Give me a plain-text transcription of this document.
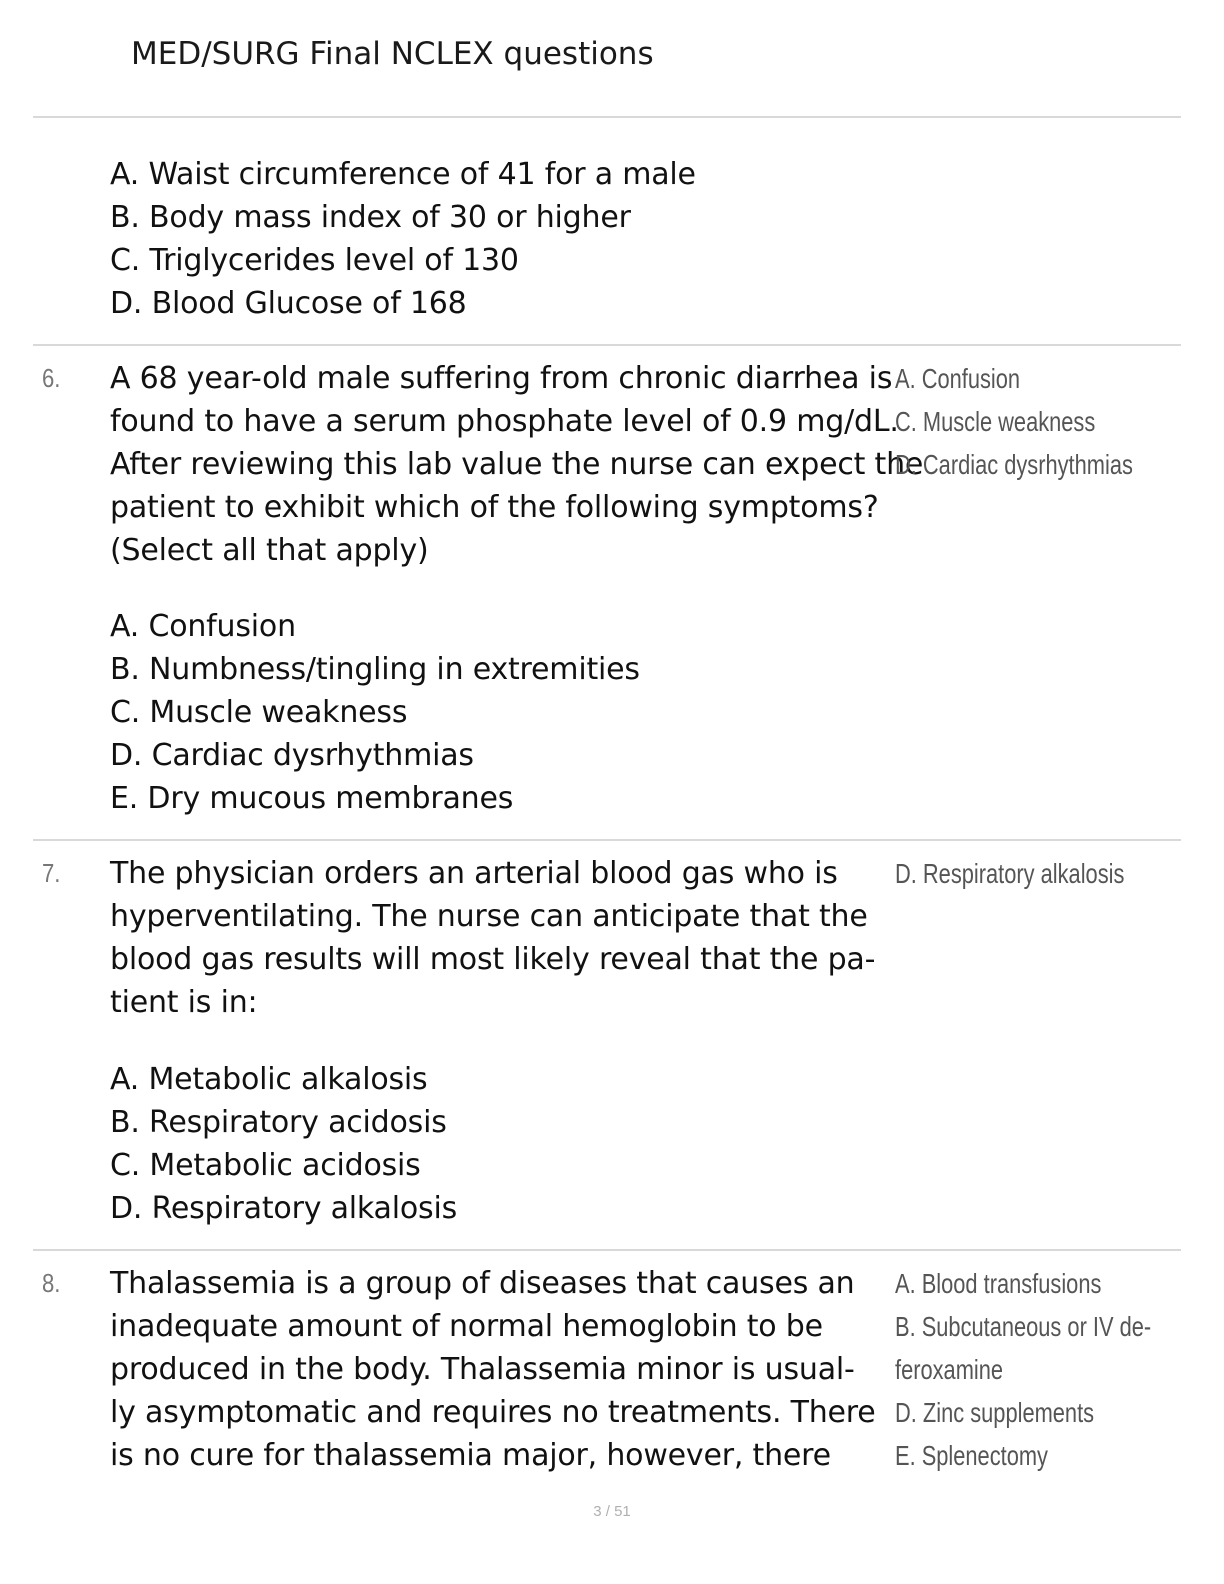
MED/SURG Final NCLEX questions
A. Waist circumference of 41 for a male
B. Body mass index of 30 or higher
C. Triglycerides level of 130
D. Blood Glucose of 168
6. A 68 year-old male suffering from chronic diarrhea is
found to have a serum phosphate level of 0.9 mg/dL.
After reviewing this lab value the nurse can expect the
patient to exhibit which of the following symptoms?
(Select all that apply)
A. Confusion
C. Muscle weakness
D. Cardiac dysrhythmias
A. Confusion
B. Numbness/tingling in extremities
C. Muscle weakness
D. Cardiac dysrhythmias
E. Dry mucous membranes
7. The physician orders an arterial blood gas who is
hyperventilating. The nurse can anticipate that the
blood gas results will most likely reveal that the pa-
tient is in:
D. Respiratory alkalosis
A. Metabolic alkalosis
B. Respiratory acidosis
C. Metabolic acidosis
D. Respiratory alkalosis
8. Thalassemia is a group of diseases that causes an
inadequate amount of normal hemoglobin to be
produced in the body. Thalassemia minor is usual-
ly asymptomatic and requires no treatments. There
is no cure for thalassemia major, however, there
A. Blood transfusions
B. Subcutaneous or IV de-
feroxamine
D. Zinc supplements
E. Splenectomy
3 / 51
